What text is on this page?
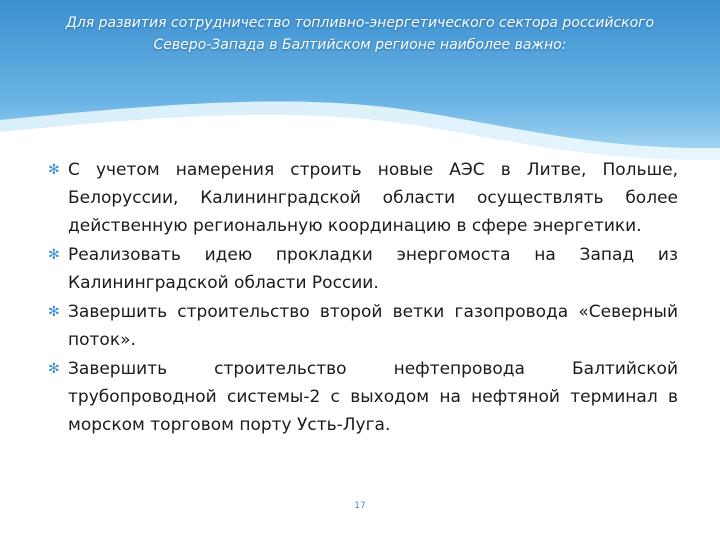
Для развития сотрудничество топливно-энергетического сектора российского Северо-Запада в Балтийском регионе наиболее важно:

✻ С учетом намерения строить новые АЭС в Литве, Польше, Белоруссии, Калининградской области осуществлять более действенную региональную координацию в сфере энергетики.
✻ Реализовать идею прокладки энергомоста на Запад из Калининградской области России.
✻ Завершить строительство второй ветки газопровода «Северный поток».
✻ Завершить строительство нефтепровода Балтийской трубопроводной системы-2 с выходом на нефтяной терминал в морском торговом порту Усть-Луга.
17
